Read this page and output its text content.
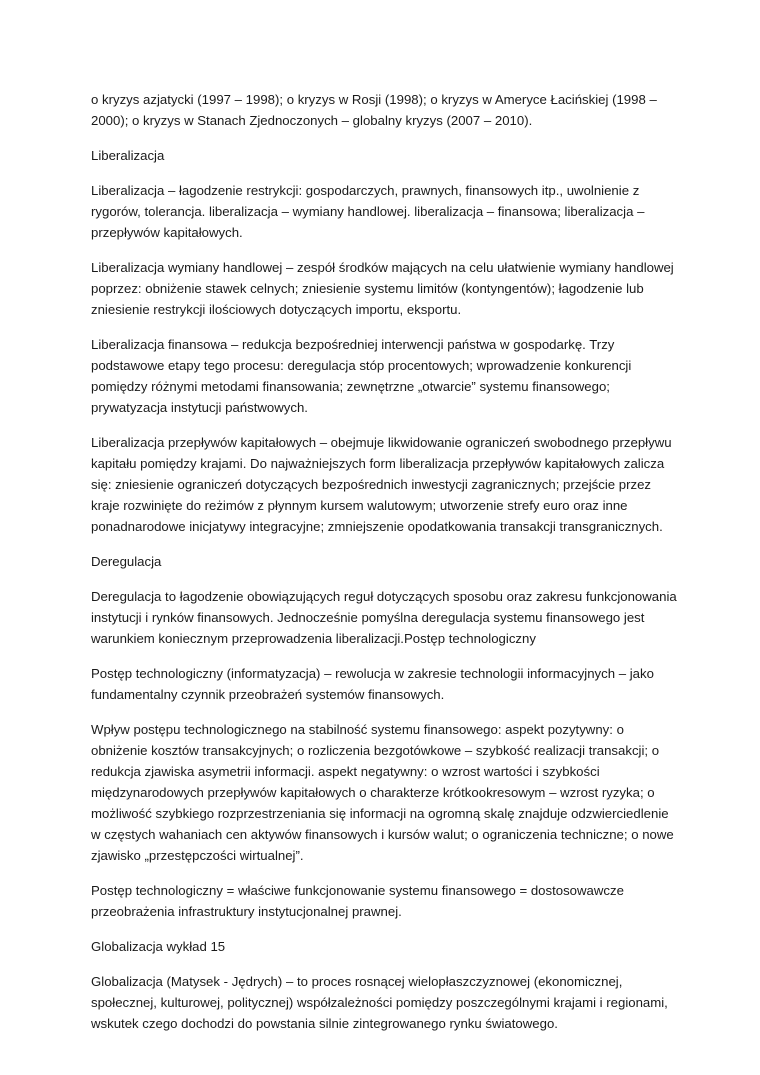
o kryzys azjatycki (1997 – 1998); o kryzys w Rosji (1998); o kryzys w Ameryce Łacińskiej (1998 – 2000); o kryzys w Stanach Zjednoczonych – globalny kryzys (2007 – 2010).

Liberalizacja

Liberalizacja – łagodzenie restrykcji: gospodarczych, prawnych, finansowych itp., uwolnienie z rygorów, tolerancja. liberalizacja – wymiany handlowej. liberalizacja – finansowa; liberalizacja – przepływów kapitałowych.

Liberalizacja wymiany handlowej – zespół środków mających na celu ułatwienie wymiany handlowej poprzez: obniżenie stawek celnych; zniesienie systemu limitów (kontyngentów); łagodzenie lub zniesienie restrykcji ilościowych dotyczących importu, eksportu.

Liberalizacja finansowa – redukcja bezpośredniej interwencji państwa w gospodarkę. Trzy podstawowe etapy tego procesu: deregulacja stóp procentowych; wprowadzenie konkurencji pomiędzy różnymi metodami finansowania; zewnętrzne „otwarcie” systemu finansowego; prywatyzacja instytucji państwowych.

Liberalizacja przepływów kapitałowych – obejmuje likwidowanie ograniczeń swobodnego przepływu kapitału pomiędzy krajami. Do najważniejszych form liberalizacja przepływów kapitałowych zalicza się: zniesienie ograniczeń dotyczących bezpośrednich inwestycji zagranicznych; przejście przez kraje rozwinięte do reżimów z płynnym kursem walutowym; utworzenie strefy euro oraz inne ponadnarodowe inicjatywy integracyjne; zmniejszenie opodatkowania transakcji transgranicznych.

Deregulacja

Deregulacja to łagodzenie obowiązujących reguł dotyczących sposobu oraz zakresu funkcjonowania instytucji i rynków finansowych. Jednocześnie pomyślna deregulacja systemu finansowego jest warunkiem koniecznym przeprowadzenia liberalizacji.Postęp technologiczny

Postęp technologiczny (informatyzacja) – rewolucja w zakresie technologii informacyjnych – jako fundamentalny czynnik przeobrażeń systemów finansowych.

Wpływ postępu technologicznego na stabilność systemu finansowego: aspekt pozytywny: o obniżenie kosztów transakcyjnych; o rozliczenia bezgotówkowe – szybkość realizacji transakcji; o redukcja zjawiska asymetrii informacji. aspekt negatywny: o wzrost wartości i szybkości międzynarodowych przepływów kapitałowych o charakterze krótkookresowym – wzrost ryzyka; o możliwość szybkiego rozprzestrzeniania się informacji na ogromną skalę znajduje odzwierciedlenie w częstych wahaniach cen aktywów finansowych i kursów walut; o ograniczenia techniczne; o nowe zjawisko „przestępczości wirtualnej”.

Postęp technologiczny = właściwe funkcjonowanie systemu finansowego = dostosowawcze przeobrażenia infrastruktury instytucjonalnej prawnej.

Globalizacja wykład 15

Globalizacja (Matysek - Jędrych) – to proces rosnącej wielopłaszczyznowej (ekonomicznej, społecznej, kulturowej, politycznej) współzależności pomiędzy poszczególnymi krajami i regionami, wskutek czego dochodzi do powstania silnie zintegrowanego rynku światowego.
